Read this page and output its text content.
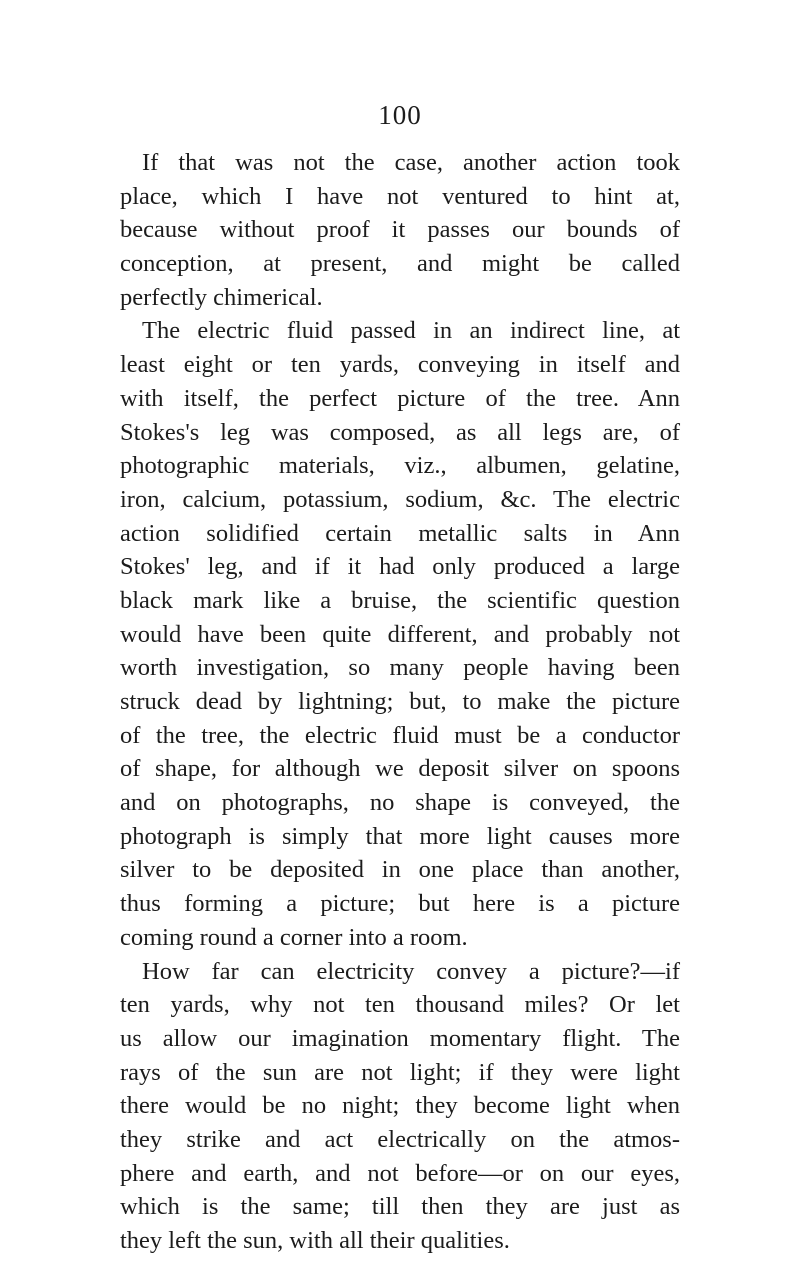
100
If that was not the case, another action took
place, which I have not ventured to hint at,
because without proof it passes our bounds of
conception, at present, and might be called
perfectly chimerical.
The electric fluid passed in an indirect line, at
least eight or ten yards, conveying in itself and
with itself, the perfect picture of the tree. Ann
Stokes's leg was composed, as all legs are, of
photographic materials, viz., albumen, gelatine,
iron, calcium, potassium, sodium, &c. The electric
action solidified certain metallic salts in Ann
Stokes' leg, and if it had only produced a large
black mark like a bruise, the scientific question
would have been quite different, and probably not
worth investigation, so many people having been
struck dead by lightning; but, to make the picture
of the tree, the electric fluid must be a conductor
of shape, for although we deposit silver on spoons
and on photographs, no shape is conveyed, the
photograph is simply that more light causes more
silver to be deposited in one place than another,
thus forming a picture; but here is a picture
coming round a corner into a room.
How far can electricity convey a picture?—if
ten yards, why not ten thousand miles? Or let
us allow our imagination momentary flight. The
rays of the sun are not light; if they were light
there would be no night; they become light when
they strike and act electrically on the atmos-
phere and earth, and not before—or on our eyes,
which is the same; till then they are just as
they left the sun, with all their qualities.
